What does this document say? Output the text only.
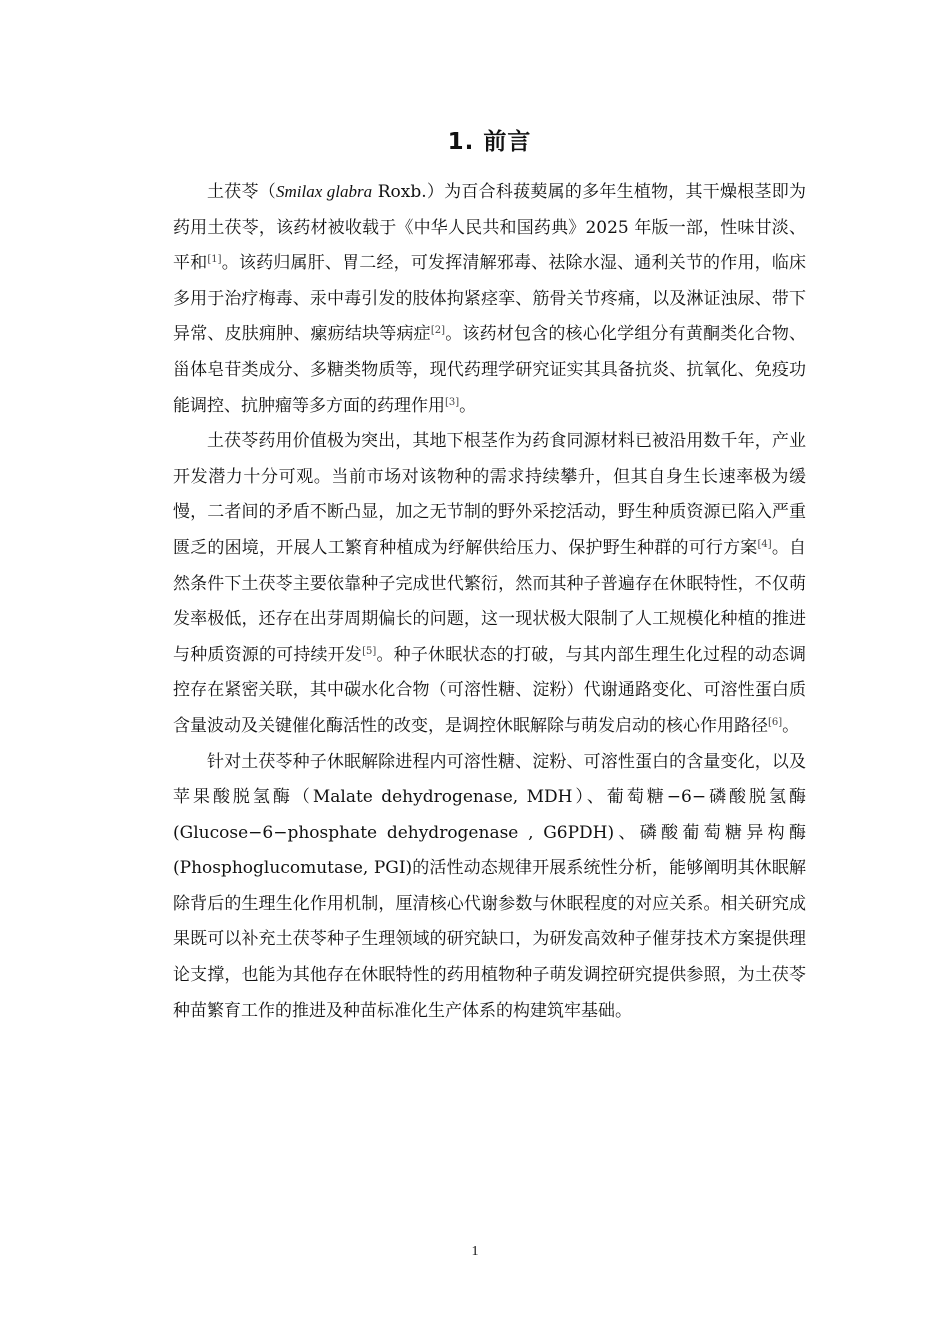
1. 前言

土茯苓（Smilax glabra Roxb.）为百合科菝葜属的多年生植物，其干燥根茎即为药用土茯苓，该药材被收载于《中华人民共和国药典》2025 年版一部，性味甘淡、平和[1]。该药归属肝、胃二经，可发挥清解邪毒、祛除水湿、通利关节的作用，临床多用于治疗梅毒、汞中毒引发的肢体拘紧痉挛、筋骨关节疼痛，以及淋证浊尿、带下异常、皮肤痈肿、瘰疬结块等病症[2]。该药材包含的核心化学组分有黄酮类化合物、甾体皂苷类成分、多糖类物质等，现代药理学研究证实其具备抗炎、抗氧化、免疫功能调控、抗肿瘤等多方面的药理作用[3]。

土茯苓药用价值极为突出，其地下根茎作为药食同源材料已被沿用数千年，产业开发潜力十分可观。当前市场对该物种的需求持续攀升，但其自身生长速率极为缓慢，二者间的矛盾不断凸显，加之无节制的野外采挖活动，野生种质资源已陷入严重匮乏的困境，开展人工繁育种植成为纾解供给压力、保护野生种群的可行方案[4]。自然条件下土茯苓主要依靠种子完成世代繁衍，然而其种子普遍存在休眠特性，不仅萌发率极低，还存在出芽周期偏长的问题，这一现状极大限制了人工规模化种植的推进与种质资源的可持续开发[5]。种子休眠状态的打破，与其内部生理生化过程的动态调控存在紧密关联，其中碳水化合物（可溶性糖、淀粉）代谢通路变化、可溶性蛋白质含量波动及关键催化酶活性的改变，是调控休眠解除与萌发启动的核心作用路径[6]。

针对土茯苓种子休眠解除进程内可溶性糖、淀粉、可溶性蛋白的含量变化，以及苹果酸脱氢酶（Malate dehydrogenase, MDH）、葡萄糖−6−磷酸脱氢酶(Glucose−6−phosphate dehydrogenase , G6PDH)、磷酸葡萄糖异构酶(Phosphoglucomutase, PGI)的活性动态规律开展系统性分析，能够阐明其休眠解除背后的生理生化作用机制，厘清核心代谢参数与休眠程度的对应关系。相关研究成果既可以补充土茯苓种子生理领域的研究缺口，为研发高效种子催芽技术方案提供理论支撑，也能为其他存在休眠特性的药用植物种子萌发调控研究提供参照，为土茯苓种苗繁育工作的推进及种苗标准化生产体系的构建筑牢基础。

1
